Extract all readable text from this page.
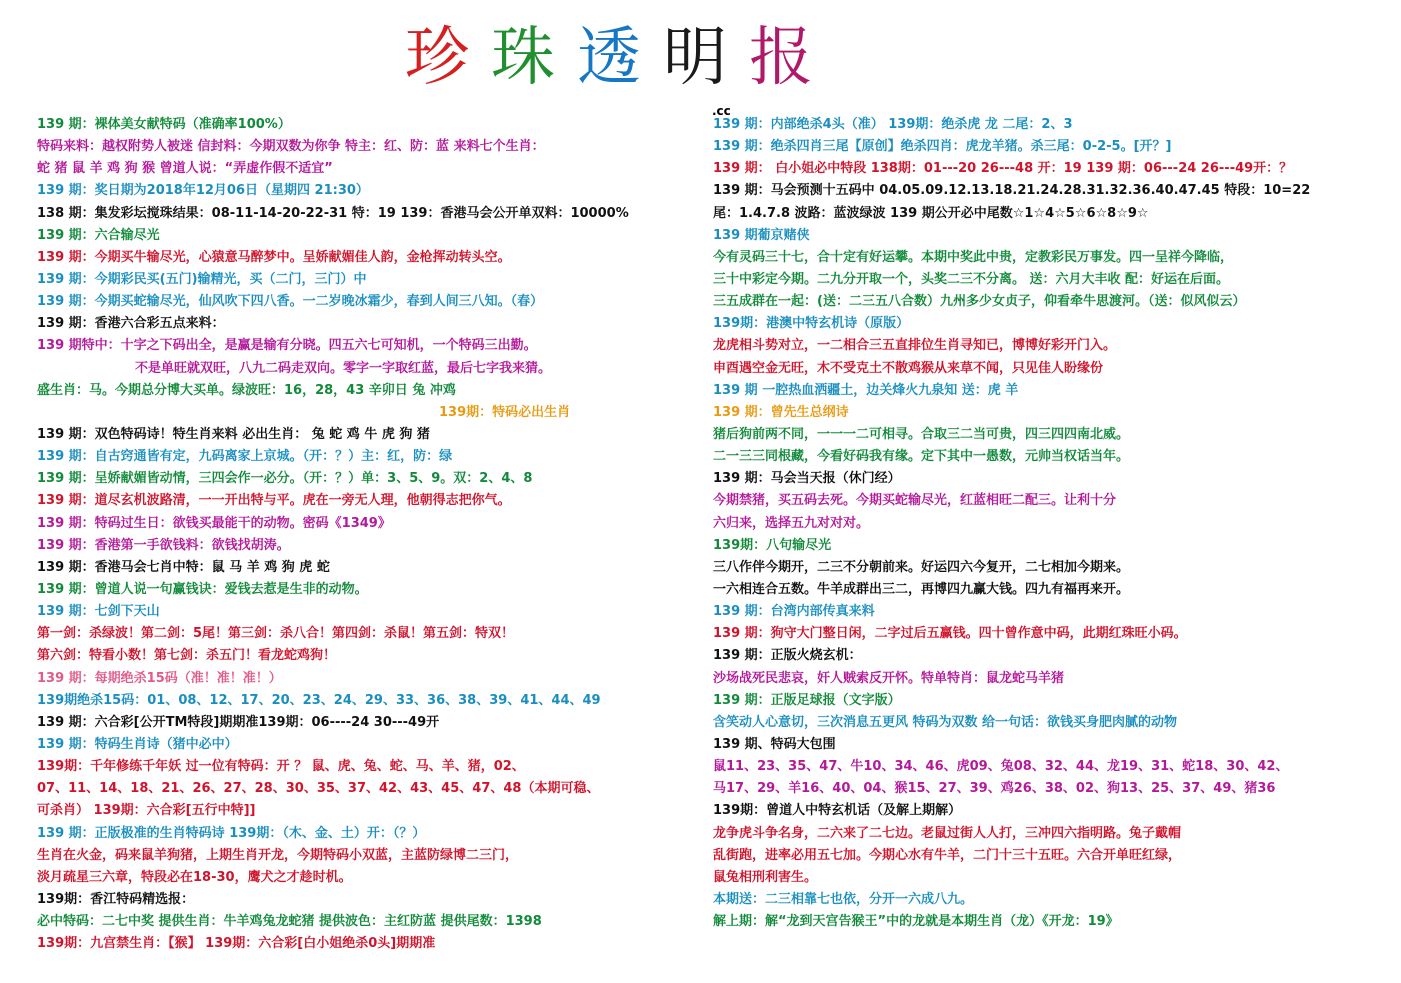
珍珠透明报
.cc
139 期：裸体美女献特码（准确率100%）
特码来料：越权附势人被迷 信封料：今期双数为你争 特主：红、防：蓝 来料七个生肖：
蛇 猪 鼠 羊 鸡 狗 猴 曾道人说：“弄虚作假不适宜”
139 期：奖日期为2018年12月06日（星期四 21:30）
138 期：集发彩坛搅珠结果：08-11-14-20-22-31 特：19 139：香港马会公开单双料：10000%
139 期：六合输尽光
139 期：今期买牛输尽光，心猿意马醉梦中。呈娇献媚佳人韵，金枪挥动转头空。
139 期：今期彩民买(五门)输精光，买（二门，三门）中
139 期：今期买蛇输尽光，仙风吹下四八香。一二岁晚冰霜少，春到人间三八知。（春）
139 期：香港六合彩五点来料：
139 期特中：十字之下码出全，是赢是输有分晓。四五六七可知机，一个特码三出勤。
不是单旺就双旺，八九二码走双向。零字一字取红蓝，最后七字我来猜。
盛生肖：马。今期总分博大买单。绿波旺：16，28，43 辛卯日 兔 冲鸡
139期：特码必出生肖
139 期：双色特码诗！特生肖来料 必出生肖： 兔 蛇 鸡 牛 虎 狗 猪
139 期：自古窍通皆有定，九码离家上京城。（开：？）主：红，防：绿
139 期：呈娇献媚皆动情，三四会作一必分。（开：？）单：3、5、9。双：2、4、8
139 期：道尽玄机波路清，一一开出特与平。虎在一旁无人理，他朝得志把你气。
139 期：特码过生日：欲钱买最能干的动物。密码《1349》
139 期：香港第一手欲钱料：欲钱找胡涛。
139 期：香港马会七肖中特：鼠 马 羊 鸡 狗 虎 蛇
139 期：曾道人说一句赢钱诀：爱钱去惹是生非的动物。
139 期：七剑下天山
第一剑：杀绿波！第二剑：5尾！第三剑：杀八合！第四剑：杀鼠！第五剑：特双！
第六剑：特看小数！第七剑：杀五门！看龙蛇鸡狗！
139 期：每期绝杀15码（准！准！准！）
139期绝杀15码：01、08、12、17、20、23、24、29、33、36、38、39、41、44、49
139 期：六合彩[公开TM特段]期期准139期：06----24 30---49开
139 期：特码生肖诗（猪中必中）
139期：千年修练千年妖 过一位有特码：开 ？ 鼠、虎、兔、蛇、马、羊、猪，02、
07、11、14、18、21、26、27、28、30、35、37、42、43、45、47、48（本期可稳、
可杀肖） 139期：六合彩[五行中特]]
139 期：正版极准的生肖特码诗 139期：（木、金、土）开：（？）
生肖在火金，码来鼠羊狗猪，上期生肖开龙，今期特码小双蓝，主蓝防绿博二三门，
淡月疏星三六章，特段必在18-30，鹰犬之才趁时机。
139期：香江特码精选报：
必中特码：二七中奖 提供生肖：牛羊鸡兔龙蛇猪 提供波色：主红防蓝 提供尾数：1398
139期：九宫禁生肖：【猴】 139期：六合彩[白小姐绝杀0头]期期准
139 期：内部绝杀4头（准） 139期：绝杀虎 龙 二尾：2、3
139 期：绝杀四肖三尾【原创】绝杀四肖：虎龙羊猪。杀三尾：0-2-5。[开？]
139 期： 白小姐必中特段 138期：01---20 26---48 开：19 139 期：06---24 26---49开：？
139 期：马会预测十五码中 04.05.09.12.13.18.21.24.28.31.32.36.40.47.45 特段：10=22
尾：1.4.7.8 波路：蓝波绿波 139 期公开必中尾数☆1☆4☆5☆6☆8☆9☆
139 期葡京赌侠
今有灵码三十七，合十定有好运攀。本期中奖此中贵，定教彩民万事发。四一呈祥今降临，
三十中彩定今期。二九分开取一个，头奖二三不分离。 送：六月大丰收 配：好运在后面。
三五成群在一起：(送：二三五八合数）九州多少女贞子，仰看牵牛思渡河。（送：似风似云）
139期：港澳中特玄机诗（原版）
龙虎相斗势对立，一二相合三五直排位生肖寻知已，博博好彩开门入。
申酉遇空金无旺，木不受克土不散鸡猴从来草不闻，只见佳人盼缘份
139 期 一腔热血洒疆土，边关烽火九泉知 送：虎 羊
139 期：曾先生总纲诗
猪后狗前两不同，一一一二可相寻。合取三二当可贵，四三四四南北威。
二一三三同根藏，今看好码我有缘。定下其中一愚数，元帅当权话当年。
139 期：马会当天报（休门经）
今期禁猪，买五码去死。今期买蛇输尽光，红蓝相旺二配三。让利十分
六归来，选择五九对对对。
139期：八句输尽光
三八作伴今期开，二三不分朝前来。好运四六今复开，二七相加今期来。
一六相连合五数。牛羊成群出三二，再博四九赢大钱。四九有福再来开。
139 期：台湾内部传真来料
139 期：狗守大门整日闲，二字过后五赢钱。四十曾作意中码，此期红珠旺小码。
139 期：正版火烧玄机：
沙场战死民悲哀，奸人贼索反开怀。特单特肖：鼠龙蛇马羊猪
139 期：正版足球报（文字版）
含笑动人心意切，三次消息五更风 特码为双数 给一句话：欲钱买身肥肉腻的动物
139 期、特码大包围
鼠11、23、35、47、牛10、34、46、虎09、兔08、32、44、龙19、31、蛇18、30、42、
马17、29、羊16、40、04、猴15、27、39、鸡26、38、02、狗13、25、37、49、猪36
139期：曾道人中特玄机话（及解上期解）
龙争虎斗争名身，二六来了二七边。老鼠过街人人打，三冲四六指明路。兔子戴帽
乱街跑，进率必用五七加。今期心水有牛羊，二门十三十五旺。六合开单旺红绿，
鼠兔相刑利害生。
本期送：二三相靠七也依，分开一六成八九。
解上期：解“龙到天宫告猴王”中的龙就是本期生肖（龙）《开龙：19》
